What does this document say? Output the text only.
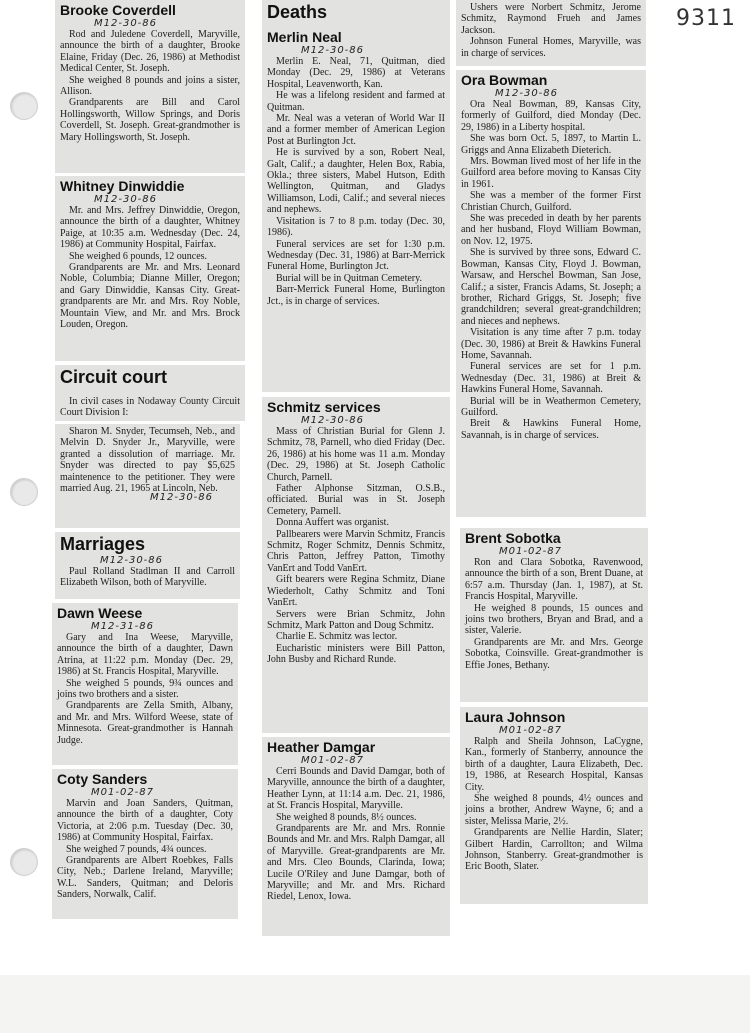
9311
Brooke Coverdell
M12-30-86

Rod and Juledene Coverdell, Maryville, announce the birth of a daughter, Brooke Elaine, Friday (Dec. 26, 1986) at Methodist Medical Center, St. Joseph.

She weighed 8 pounds and joins a sister, Allison.

Grandparents are Bill and Carol Hollingsworth, Willow Springs, and Doris Coverdell, St. Joseph. Great-grandmother is Mary Hollingsworth, St. Joseph.

Whitney Dinwiddie
M12-30-86

Mr. and Mrs. Jeffrey Dinwiddie, Oregon, announce the birth of a daughter, Whitney Paige, at 10:35 a.m. Wednesday (Dec. 24, 1986) at Community Hospital, Fairfax.

She weighed 6 pounds, 12 ounces.

Grandparents are Mr. and Mrs. Leonard Noble, Columbia; Dianne Miller, Oregon; and Gary Dinwiddie, Kansas City. Great-grandparents are Mr. and Mrs. Roy Noble, Mountain View, and Mr. and Mrs. Brock Louden, Oregon.

Circuit court

In civil cases in Nodaway County Circuit Court Division I:

Sharon M. Snyder, Tecumseh, Neb., and Melvin D. Snyder Jr., Maryville, were granted a dissolution of marriage. Mr. Snyder was directed to pay $5,625 maintenence to the petitioner. They were married Aug. 21, 1965 at Lincoln, Neb.

M12-30-86
Marriages
M12-30-86

Paul Rolland Stadlman II and Carroll Elizabeth Wilson, both of Maryville.

Dawn Weese
M12-31-86

Gary and Ina Weese, Maryville, announce the birth of a daughter, Dawn Atrina, at 11:22 p.m. Monday (Dec. 29, 1986) at St. Francis Hospital, Maryville.

She weighed 5 pounds, 9¾ ounces and joins two brothers and a sister.

Grandparents are Zella Smith, Albany, and Mr. and Mrs. Wilford Weese, state of Minnesota. Great-grandmother is Hannah Judge.

Coty Sanders
M01-02-87

Marvin and Joan Sanders, Quitman, announce the birth of a daughter, Coty Victoria, at 2:06 p.m. Tuesday (Dec. 30, 1986) at Community Hospital, Fairfax.

She weighed 7 pounds, 4¾ ounces.

Grandparents are Albert Roebkes, Falls City, Neb.; Darlene Ireland, Maryville; W.L. Sanders, Quitman; and Deloris Sanders, Norwalk, Calif.

Deaths
Merlin Neal
M12-30-86

Merlin E. Neal, 71, Quitman, died Monday (Dec. 29, 1986) at Veterans Hospital, Leavenworth, Kan.

He was a lifelong resident and farmed at Quitman.

Mr. Neal was a veteran of World War II and a former member of American Legion Post at Burlington Jct.

He is survived by a son, Robert Neal, Galt, Calif.; a daughter, Helen Box, Rabia, Okla.; three sisters, Mabel Hutson, Edith Wellington, Quitman, and Gladys Williamson, Lodi, Calif.; and several nieces and nephews.

Visitation is 7 to 8 p.m. today (Dec. 30, 1986).

Funeral services are set for 1:30 p.m. Wednesday (Dec. 31, 1986) at Barr-Merrick Funeral Home, Burlington Jct.

Burial will be in Quitman Cemetery.

Barr-Merrick Funeral Home, Burlington Jct., is in charge of services.

Schmitz services
M12-30-86

Mass of Christian Burial for Glenn J. Schmitz, 78, Parnell, who died Friday (Dec. 26, 1986) at his home was 11 a.m. Monday (Dec. 29, 1986) at St. Joseph Catholic Church, Parnell.

Father Alphonse Sitzman, O.S.B., officiated. Burial was in St. Joseph Cemetery, Parnell.

Donna Auffert was organist.

Pallbearers were Marvin Schmitz, Francis Schmitz, Roger Schmitz, Dennis Schmitz, Chris Patton, Jeffrey Patton, Timothy VanErt and Todd VanErt.

Gift bearers were Regina Schmitz, Diane Wiederholt, Cathy Schmitz and Toni VanErt.

Servers were Brian Schmitz, John Schmitz, Mark Patton and Doug Schmitz.

Charlie E. Schmitz was lector.

Eucharistic ministers were Bill Patton, John Busby and Richard Runde.

Heather Damgar
M01-02-87

Cerri Bounds and David Damgar, both of Maryville, announce the birth of a daughter, Heather Lynn, at 11:14 a.m. Dec. 21, 1986, at St. Francis Hospital, Maryville.

She weighed 8 pounds, 8½ ounces.

Grandparents are Mr. and Mrs. Ronnie Bounds and Mr. and Mrs. Ralph Damgar, all of Maryville. Great-grandparents are Mr. and Mrs. Cleo Bounds, Clarinda, Iowa; Lucile O'Riley and June Damgar, both of Maryville; and Mr. and Mrs. Richard Riedel, Lenox, Iowa.

Ushers were Norbert Schmitz, Jerome Schmitz, Raymond Frueh and James Jackson.

Johnson Funeral Homes, Maryville, was in charge of services.

Ora Bowman
M12-30-86

Ora Neal Bowman, 89, Kansas City, formerly of Guilford, died Monday (Dec. 29, 1986) in a Liberty hospital.

She was born Oct. 5, 1897, to Martin L. Griggs and Anna Elizabeth Dieterich.

Mrs. Bowman lived most of her life in the Guilford area before moving to Kansas City in 1961.

She was a member of the former First Christian Church, Guilford.

She was preceded in death by her parents and her husband, Floyd William Bowman, on Nov. 12, 1975.

She is survived by three sons, Edward C. Bowman, Kansas City, Floyd J. Bowman, Warsaw, and Herschel Bowman, San Jose, Calif.; a sister, Francis Adams, St. Joseph; a brother, Richard Griggs, St. Joseph; five grandchildren; several great-grandchildren; and nieces and nephews.

Visitation is any time after 7 p.m. today (Dec. 30, 1986) at Breit & Hawkins Funeral Home, Savannah.

Funeral services are set for 1 p.m. Wednesday (Dec. 31, 1986) at Breit & Hawkins Funeral Home, Savannah.

Burial will be in Weathermon Cemetery, Guilford.

Breit & Hawkins Funeral Home, Savannah, is in charge of services.

Brent Sobotka
M01-02-87

Ron and Clara Sobotka, Ravenwood, announce the birth of a son, Brent Duane, at 6:57 a.m. Thursday (Jan. 1, 1987), at St. Francis Hospital, Maryville.

He weighed 8 pounds, 15 ounces and joins two brothers, Bryan and Brad, and a sister, Valerie.

Grandparents are Mr. and Mrs. George Sobotka, Coinsville. Great-grandmother is Effie Jones, Bethany.

Laura Johnson
M01-02-87

Ralph and Sheila Johnson, LaCygne, Kan., formerly of Stanberry, announce the birth of a daughter, Laura Elizabeth, Dec. 19, 1986, at Research Hospital, Kansas City.

She weighed 8 pounds, 4½ ounces and joins a brother, Andrew Wayne, 6; and a sister, Melissa Marie, 2½.

Grandparents are Nellie Hardin, Slater; Gilbert Hardin, Carrollton; and Wilma Johnson, Stanberry. Great-grandmother is Eric Booth, Slater.
